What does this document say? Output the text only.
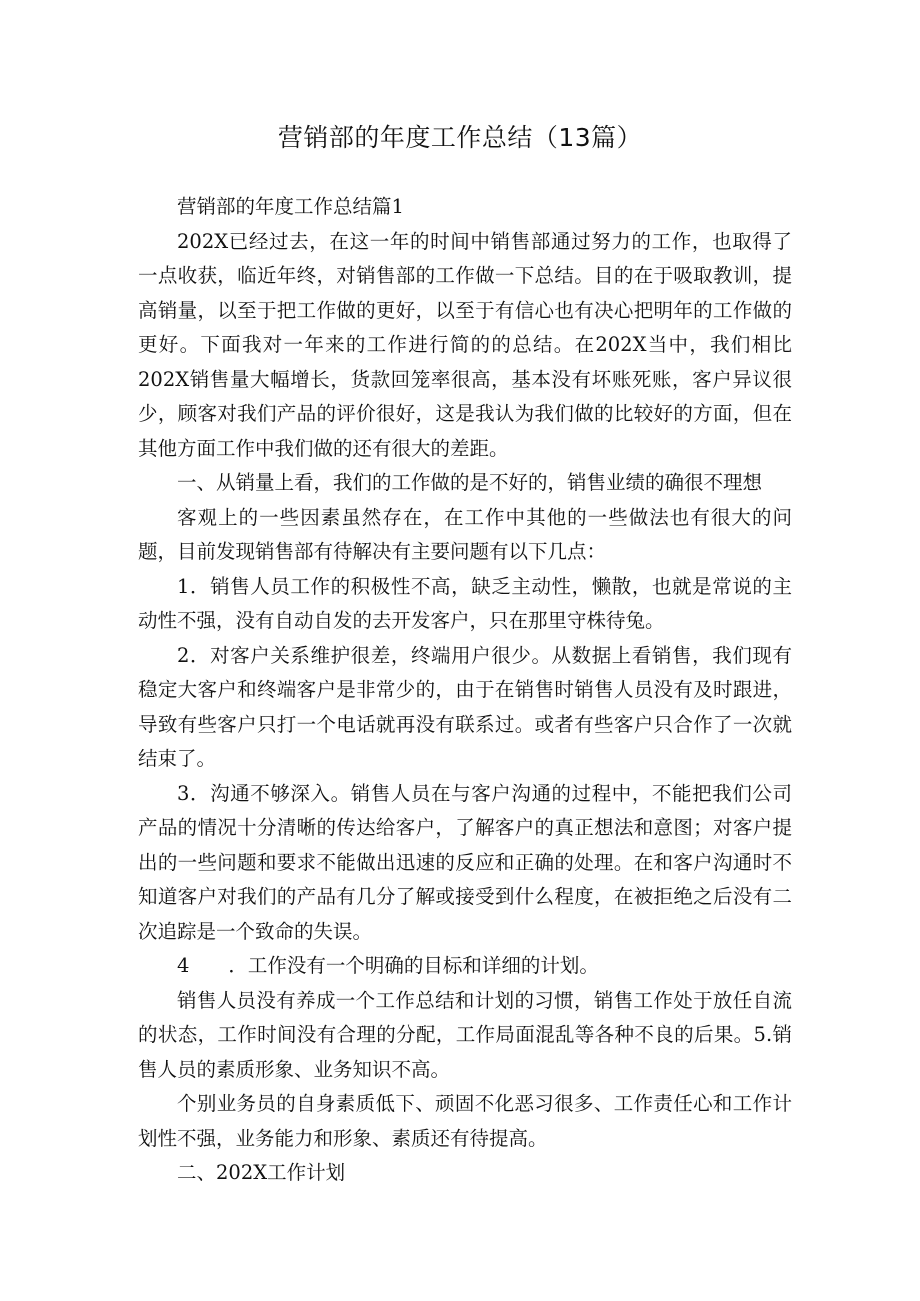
营销部的年度工作总结（13篇）

营销部的年度工作总结篇1

202X已经过去，在这一年的时间中销售部通过努力的工作，也取得了一点收获，临近年终，对销售部的工作做一下总结。目的在于吸取教训，提高销量，以至于把工作做的更好，以至于有信心也有决心把明年的工作做的更好。下面我对一年来的工作进行简的的总结。在202X当中，我们相比202X销售量大幅增长，货款回笼率很高，基本没有坏账死账，客户异议很少，顾客对我们产品的评价很好，这是我认为我们做的比较好的方面，但在其他方面工作中我们做的还有很大的差距。

一、从销量上看，我们的工作做的是不好的，销售业绩的确很不理想

客观上的一些因素虽然存在，在工作中其他的一些做法也有很大的问题，目前发现销售部有待解决有主要问题有以下几点：

1．销售人员工作的积极性不高，缺乏主动性，懒散，也就是常说的主动性不强，没有自动自发的去开发客户，只在那里守株待兔。

2．对客户关系维护很差，终端用户很少。从数据上看销售，我们现有稳定大客户和终端客户是非常少的，由于在销售时销售人员没有及时跟进，导致有些客户只打一个电话就再没有联系过。或者有些客户只合作了一次就结束了。

3．沟通不够深入。销售人员在与客户沟通的过程中，不能把我们公司产品的情况十分清晰的传达给客户，了解客户的真正想法和意图；对客户提出的一些问题和要求不能做出迅速的反应和正确的处理。在和客户沟通时不知道客户对我们的产品有几分了解或接受到什么程度，在被拒绝之后没有二次追踪是一个致命的失误。

4　　．工作没有一个明确的目标和详细的计划。

销售人员没有养成一个工作总结和计划的习惯，销售工作处于放任自流的状态，工作时间没有合理的分配，工作局面混乱等各种不良的后果。5.销售人员的素质形象、业务知识不高。

个别业务员的自身素质低下、顽固不化恶习很多、工作责任心和工作计划性不强，业务能力和形象、素质还有待提高。

二、202X工作计划
